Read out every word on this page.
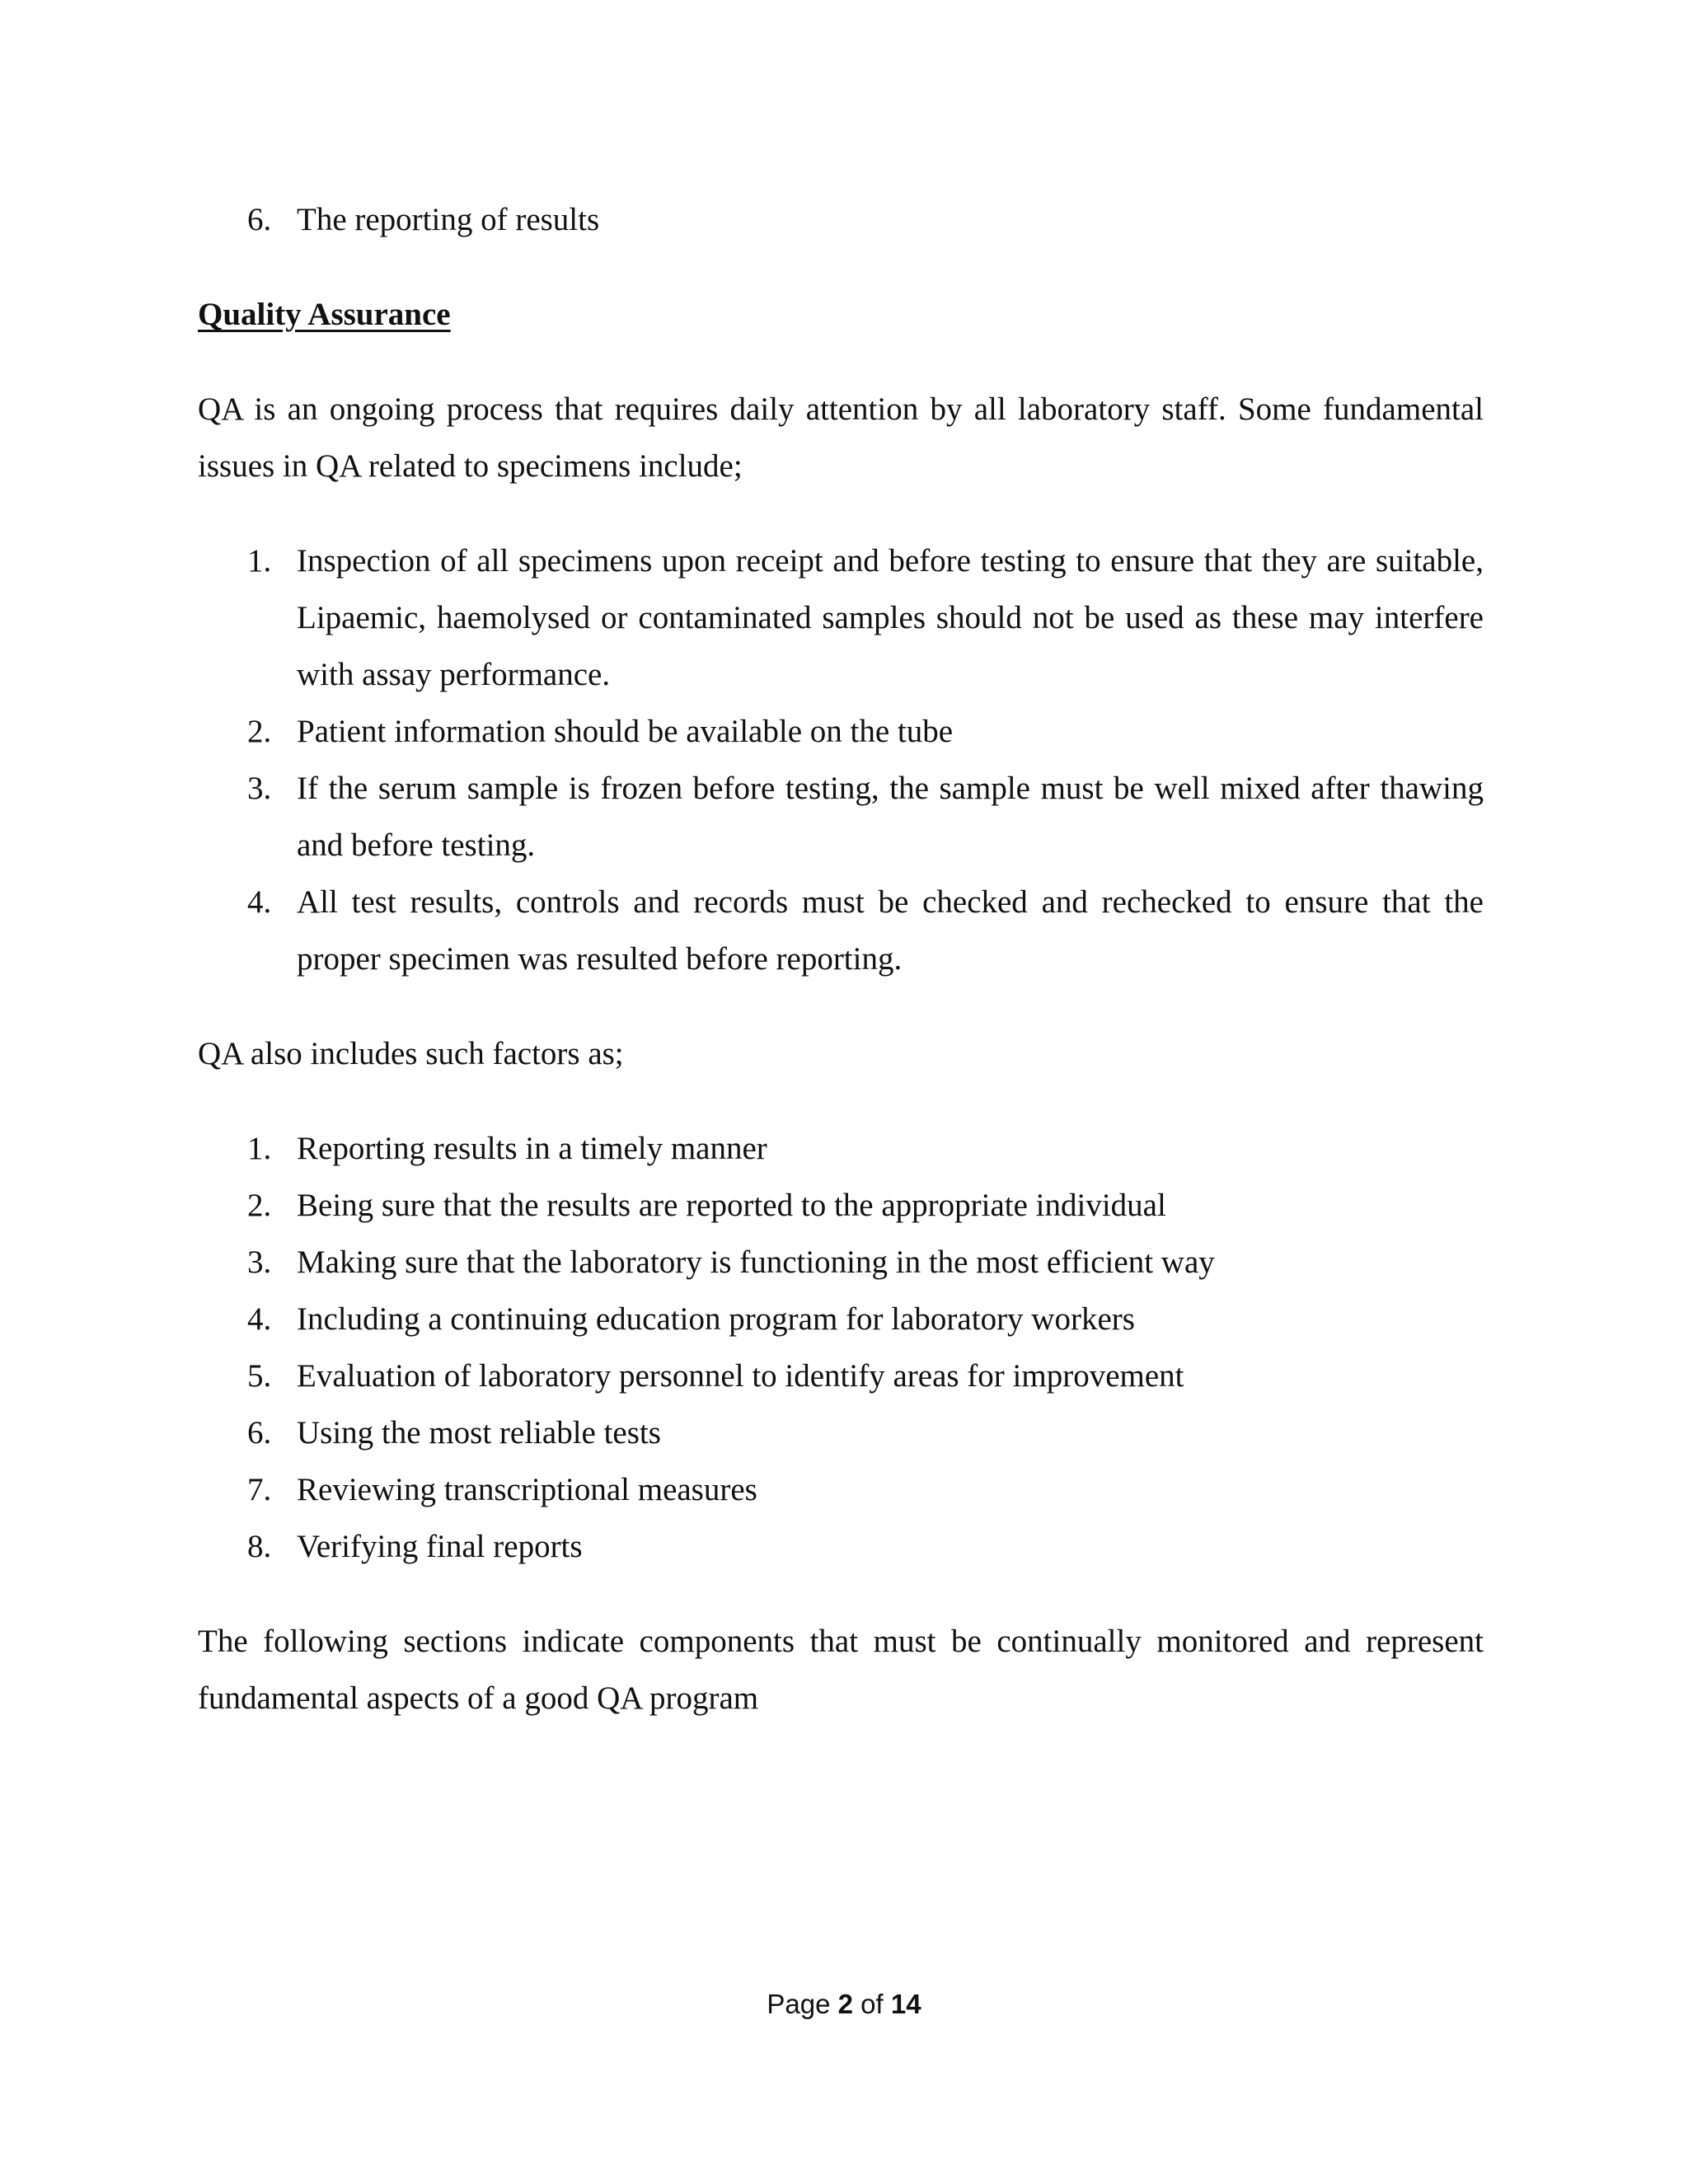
6. The reporting of results
Quality Assurance
QA is an ongoing process that requires daily attention by all laboratory staff. Some fundamental issues in QA related to specimens include;
1. Inspection of all specimens upon receipt and before testing to ensure that they are suitable, Lipaemic, haemolysed or contaminated samples should not be used as these may interfere with assay performance.
2. Patient information should be available on the tube
3. If the serum sample is frozen before testing, the sample must be well mixed after thawing and before testing.
4. All test results, controls and records must be checked and rechecked to ensure that the proper specimen was resulted before reporting.
QA also includes such factors as;
1. Reporting results in a timely manner
2. Being sure that the results are reported to the appropriate individual
3. Making sure that the laboratory is functioning in the most efficient way
4. Including a continuing education program for laboratory workers
5. Evaluation of laboratory personnel to identify areas for improvement
6. Using the most reliable tests
7. Reviewing transcriptional measures
8. Verifying final reports
The following sections indicate components that must be continually monitored and represent fundamental aspects of a good QA program
Page 2 of 14
